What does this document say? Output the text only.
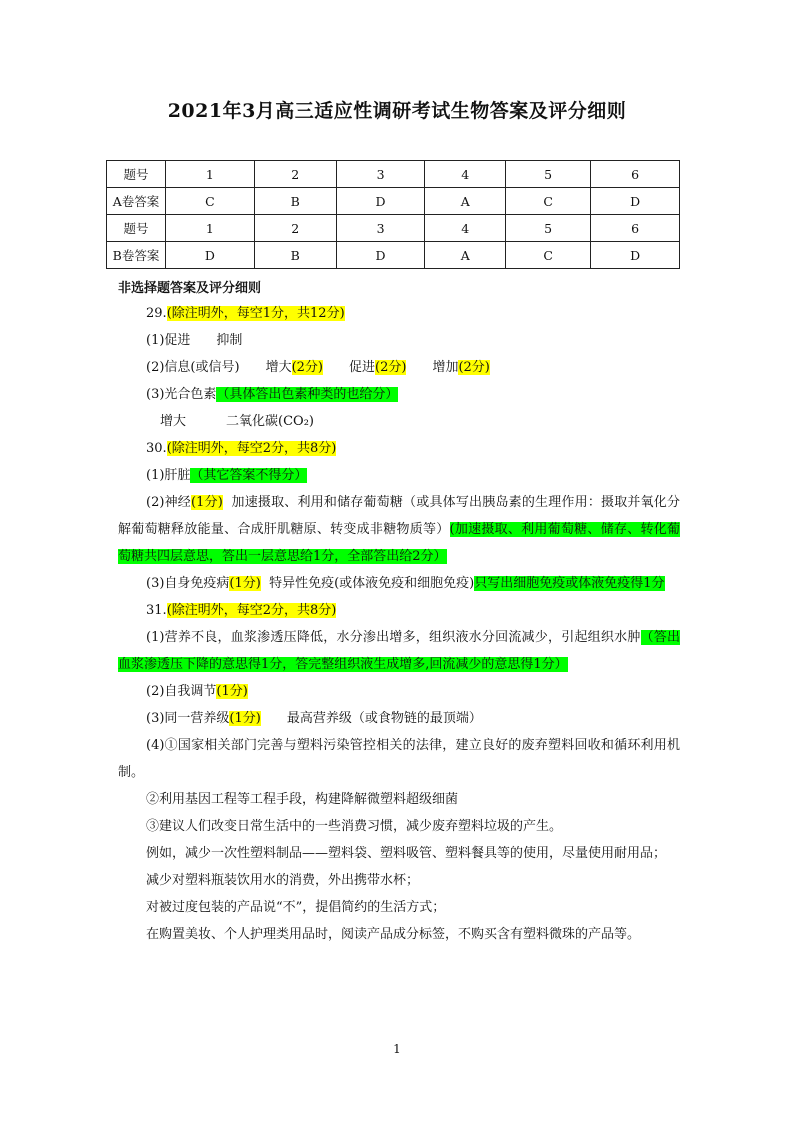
2021年3月高三适应性调研考试生物答案及评分细则
题号	1	2	3	4	5	6
A卷答案	C	B	D	A	C	D
题号	1	2	3	4	5	6
B卷答案	D	B	D	A	C	D
非选择题答案及评分细则
29.(除注明外，每空1分，共12分)
(1)促进 抑制
(2)信息(或信号) 增大(2分) 促进(2分) 增加(2分)
(3)光合色素（具体答出色素种类的也给分）
增大	二氧化碳(CO₂)
30.(除注明外，每空2分，共8分)
(1)肝脏（其它答案不得分）
(2)神经(1分) 加速摄取、利用和储存葡萄糖（或具体写出胰岛素的生理作用：摄取并氧化分解葡萄糖释放能量、合成肝肌糖原、转变成非糖物质等）(加速摄取、利用葡萄糖、储存、转化葡萄糖共四层意思，答出一层意思给1分，全部答出给2分）
(3)自身免疫病(1分) 特异性免疫(或体液免疫和细胞免疫)只写出细胞免疫或体液免疫得1分
31.(除注明外，每空2分，共8分)
(1)营养不良，血浆渗透压降低，水分渗出增多，组织液水分回流减少，引起组织水肿（答出血浆渗透压下降的意思得1分，答完整组织液生成增多,回流减少的意思得1分）
(2)自我调节(1分)
(3)同一营养级(1分) 最高营养级（或食物链的最顶端）
(4)①国家相关部门完善与塑料污染管控相关的法律，建立良好的废弃塑料回收和循环利用机制。
②利用基因工程等工程手段，构建降解微塑料超级细菌
③建议人们改变日常生活中的一些消费习惯，减少废弃塑料垃圾的产生。
例如，减少一次性塑料制品——塑料袋、塑料吸管、塑料餐具等的使用，尽量使用耐用品；
减少对塑料瓶装饮用水的消费，外出携带水杯；
对被过度包装的产品说“不”，提倡简约的生活方式；
在购置美妆、个人护理类用品时，阅读产品成分标签，不购买含有塑料微珠的产品等。
1
